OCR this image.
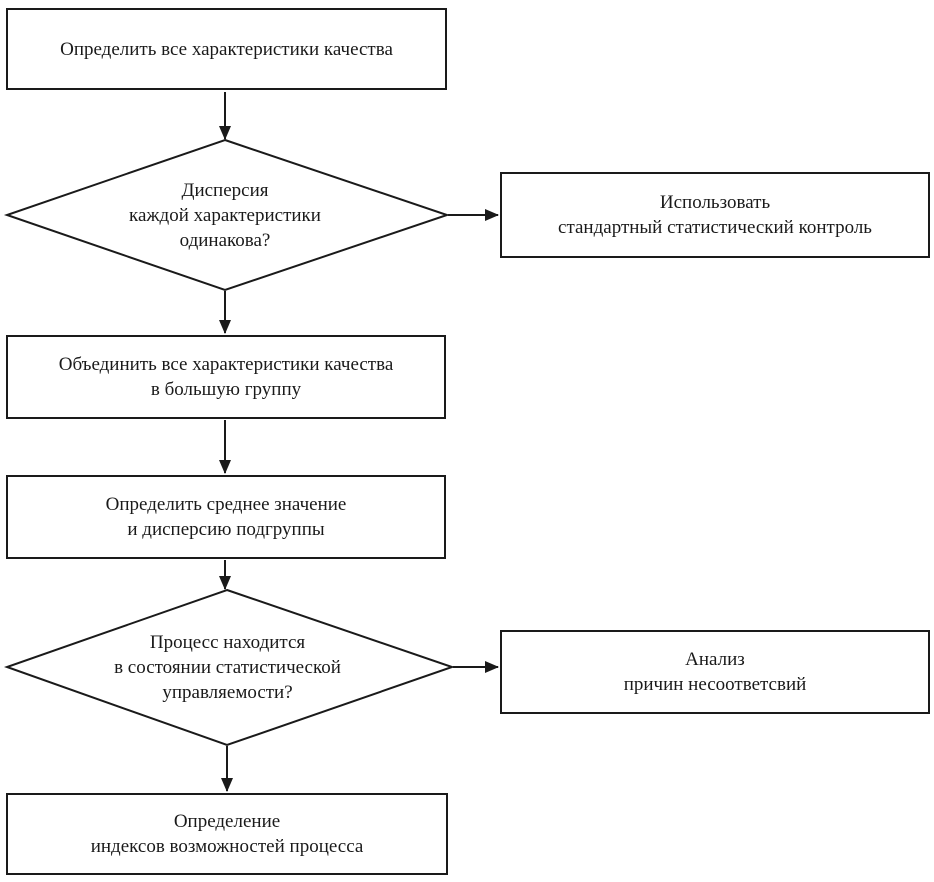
Определить все характеристики качества
Использовать
стандартный статистический контроль
Объединить все характеристики качества
в большую группу
Определить среднее значение
и дисперсию подгруппы
Анализ
причин несоответсвий
Определение
индексов возможностей процесса
Дисперсия
каждой характеристики
одинакова?
Процесс находится
в состоянии статистической
управляемости?
